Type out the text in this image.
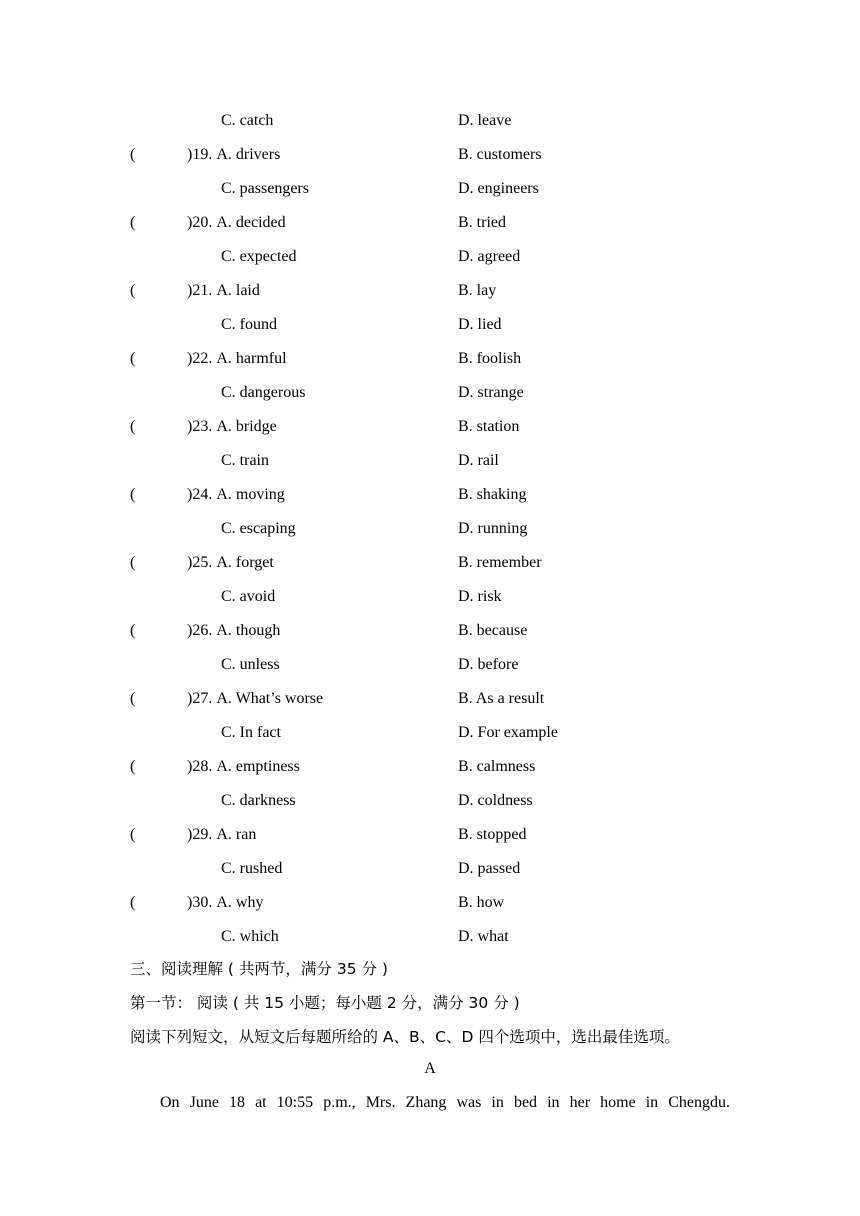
C. catch	D. leave
(	)19. A. drivers	B. customers
C. passengers	D. engineers
(	)20. A. decided	B. tried
C. expected	D. agreed
(	)21. A. laid	B. lay
C. found	D. lied
(	)22. A. harmful	B. foolish
C. dangerous	D. strange
(	)23. A. bridge	B. station
C. train	D. rail
(	)24. A. moving	B. shaking
C. escaping	D. running
(	)25. A. forget	B. remember
C. avoid	D. risk
(	)26. A. though	B. because
C. unless	D. before
(	)27. A. What’s worse	B. As a result
C. In fact	D. For example
(	)28. A. emptiness	B. calmness
C. darkness	D. coldness
(	)29. A. ran	B. stopped
C. rushed	D. passed
(	)30. A. why	B. how
C. which	D. what
三、阅读理解 ( 共两节，满分 35 分 )
第一节： 阅读 ( 共 15 小题；每小题 2 分，满分 30 分 )
阅读下列短文，从短文后每题所给的 A、B、C、D 四个选项中，选出最佳选项。
A
On June 18 at 10:55 p.m., Mrs. Zhang was in bed in her home in Chengdu.
